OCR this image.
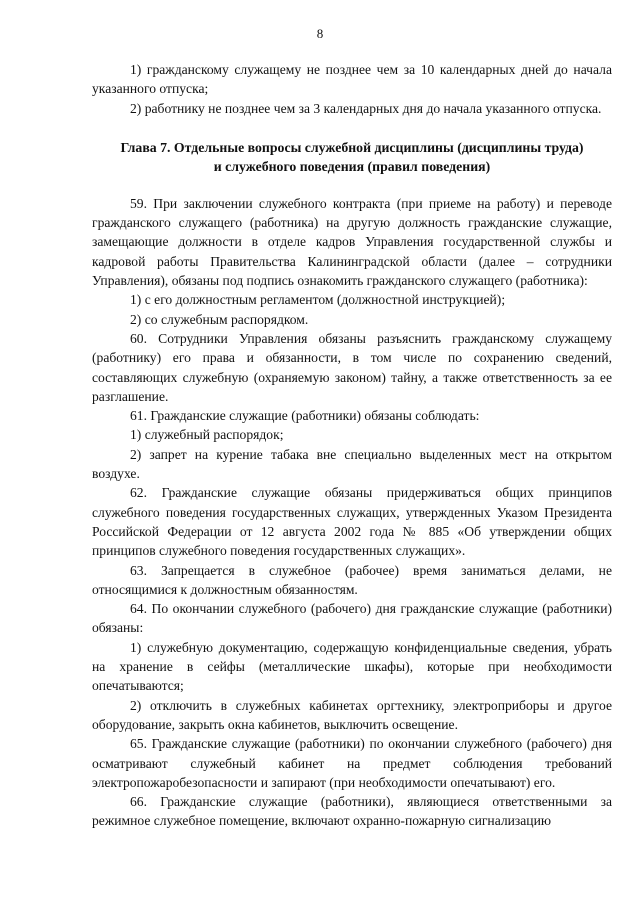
8

1) гражданскому служащему не позднее чем за 10 календарных дней до начала указанного отпуска;

2) работнику не позднее чем за 3 календарных дня до начала указанного отпуска.

Глава 7. Отдельные вопросы служебной дисциплины (дисциплины труда)
и служебного поведения (правил поведения)

59. При заключении служебного контракта (при приеме на работу) и переводе гражданского служащего (работника) на другую должность гражданские служащие, замещающие должности в отделе кадров Управления государственной службы и кадровой работы Правительства Калининградской области (далее – сотрудники Управления), обязаны под подпись ознакомить гражданского служащего (работника):

1) с его должностным регламентом (должностной инструкцией);

2) со служебным распорядком.

60. Сотрудники Управления обязаны разъяснить гражданскому служащему (работнику) его права и обязанности, в том числе по сохранению сведений, составляющих служебную (охраняемую законом) тайну, а также ответственность за ее разглашение.

61. Гражданские служащие (работники) обязаны соблюдать:

1) служебный распорядок;

2) запрет на курение табака вне специально выделенных мест на открытом воздухе.

62. Гражданские служащие обязаны придерживаться общих принципов служебного поведения государственных служащих, утвержденных Указом Президента Российской Федерации от 12 августа 2002 года № 885 «Об утверждении общих принципов служебного поведения государственных служащих».

63. Запрещается в служебное (рабочее) время заниматься делами, не относящимися к должностным обязанностям.

64. По окончании служебного (рабочего) дня гражданские служащие (работники) обязаны:

1) служебную документацию, содержащую конфиденциальные сведения, убрать на хранение в сейфы (металлические шкафы), которые при необходимости опечатываются;

2) отключить в служебных кабинетах оргтехнику, электроприборы и другое оборудование, закрыть окна кабинетов, выключить освещение.

65. Гражданские служащие (работники) по окончании служебного (рабочего) дня осматривают служебный кабинет на предмет соблюдения требований электропожаробезопасности и запирают (при необходимости опечатывают) его.

66. Гражданские служащие (работники), являющиеся ответственными за режимное служебное помещение, включают охранно-пожарную сигнализацию
